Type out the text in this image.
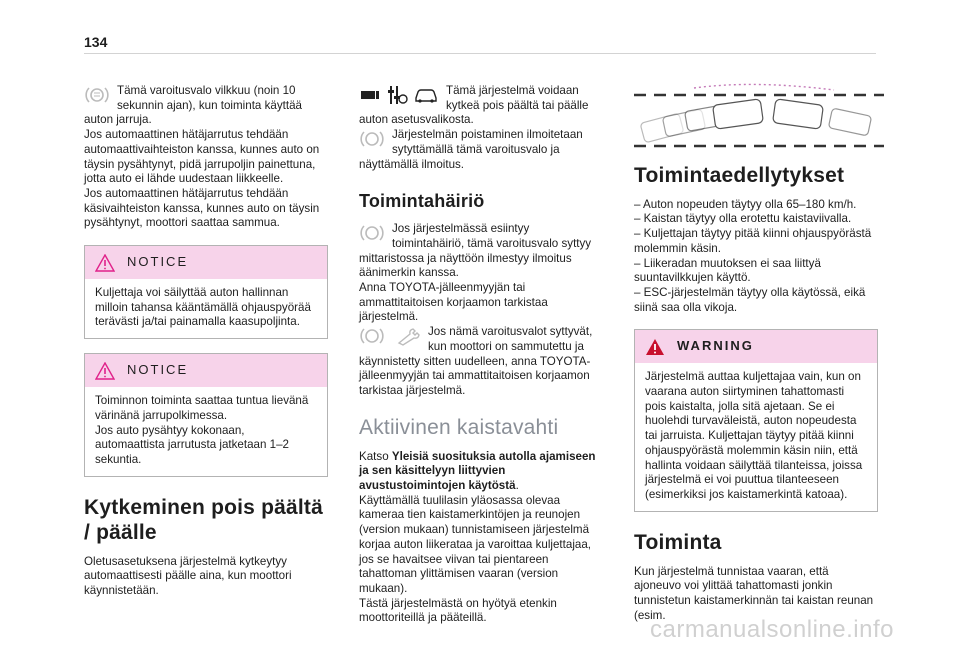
134

Tämä varoitusvalo vilkkuu (noin 10 sekunnin ajan), kun toiminta käyttää auton jarruja.
Jos automaattinen hätäjarrutus tehdään automaattivaihteiston kanssa, kunnes auto on täysin pysähtynyt, pidä jarrupoljin painettuna, jotta auto ei lähde uudestaan liikkeelle.
Jos automaattinen hätäjarrutus tehdään käsivaihteiston kanssa, kunnes auto on täysin pysähtynyt, moottori saattaa sammua.

NOTICE
Kuljettaja voi säilyttää auton hallinnan milloin tahansa kääntämällä ohjauspyörää terävästi ja/tai painamalla kaasupoljinta.
NOTICE
Toiminnon toiminta saattaa tuntua lievänä värinänä jarrupolkimessa.
Jos auto pysähtyy kokonaan, automaattista jarrutusta jatketaan 1–2 sekuntia.
Kytkeminen pois päältä / päälle

Oletusasetuksena järjestelmä kytkeytyy automaattisesti päälle aina, kun moottori käynnistetään.

Tämä järjestelmä voidaan kytkeä pois päältä tai päälle auton asetusvalikosta.

Järjestelmän poistaminen ilmoitetaan sytyttämällä tämä varoitusvalo ja näyttämällä ilmoitus.

Toimintahäiriö

Jos järjestelmässä esiintyy toimintahäiriö, tämä varoitusvalo syttyy mittaristossa ja näyttöön ilmestyy ilmoitus äänimerkin kanssa.
Anna TOYOTA-jälleenmyyjän tai ammattitaitoisen korjaamon tarkistaa järjestelmä.

Jos nämä varoitusvalot syttyvät, kun moottori on sammutettu ja käynnistetty sitten uudelleen, anna TOYOTA-jälleenmyyjän tai ammattitaitoisen korjaamon tarkistaa järjestelmä.

Aktiivinen kaistavahti

Katso Yleisiä suosituksia autolla ajamiseen ja sen käsittelyyn liittyvien avustustoimintojen käytöstä.
Käyttämällä tuulilasin yläosassa olevaa kameraa tien kaistamerkintöjen ja reunojen (version mukaan) tunnistamiseen järjestelmä korjaa auton liikerataa ja varoittaa kuljettajaa, jos se havaitsee viivan tai pientareen tahattoman ylittämisen vaaran (version mukaan).
Tästä järjestelmästä on hyötyä etenkin moottoriteillä ja pääteillä.

Toimintaedellytykset
– Auton nopeuden täytyy olla 65–180 km/h.
– Kaistan täytyy olla erotettu kaistaviivalla.
– Kuljettajan täytyy pitää kiinni ohjauspyörästä molemmin käsin.
– Liikeradan muutoksen ei saa liittyä suuntavilkkujen käyttö.
– ESC-järjestelmän täytyy olla käytössä, eikä siinä saa olla vikoja.
WARNING
Järjestelmä auttaa kuljettajaa vain, kun on vaarana auton siirtyminen tahattomasti pois kaistalta, jolla sitä ajetaan. Se ei huolehdi turvaväleistä, auton nopeudesta tai jarruista. Kuljettajan täytyy pitää kiinni ohjauspyörästä molemmin käsin niin, että hallinta voidaan säilyttää tilanteissa, joissa järjestelmä ei voi puuttua tilanteeseen (esimerkiksi jos kaistamerkintä katoaa).
Toiminta

Kun järjestelmä tunnistaa vaaran, että ajoneuvo voi ylittää tahattomasti jonkin tunnistetun kaistamerkinnän tai kaistan reunan (esim.

carmanualsonline.info
